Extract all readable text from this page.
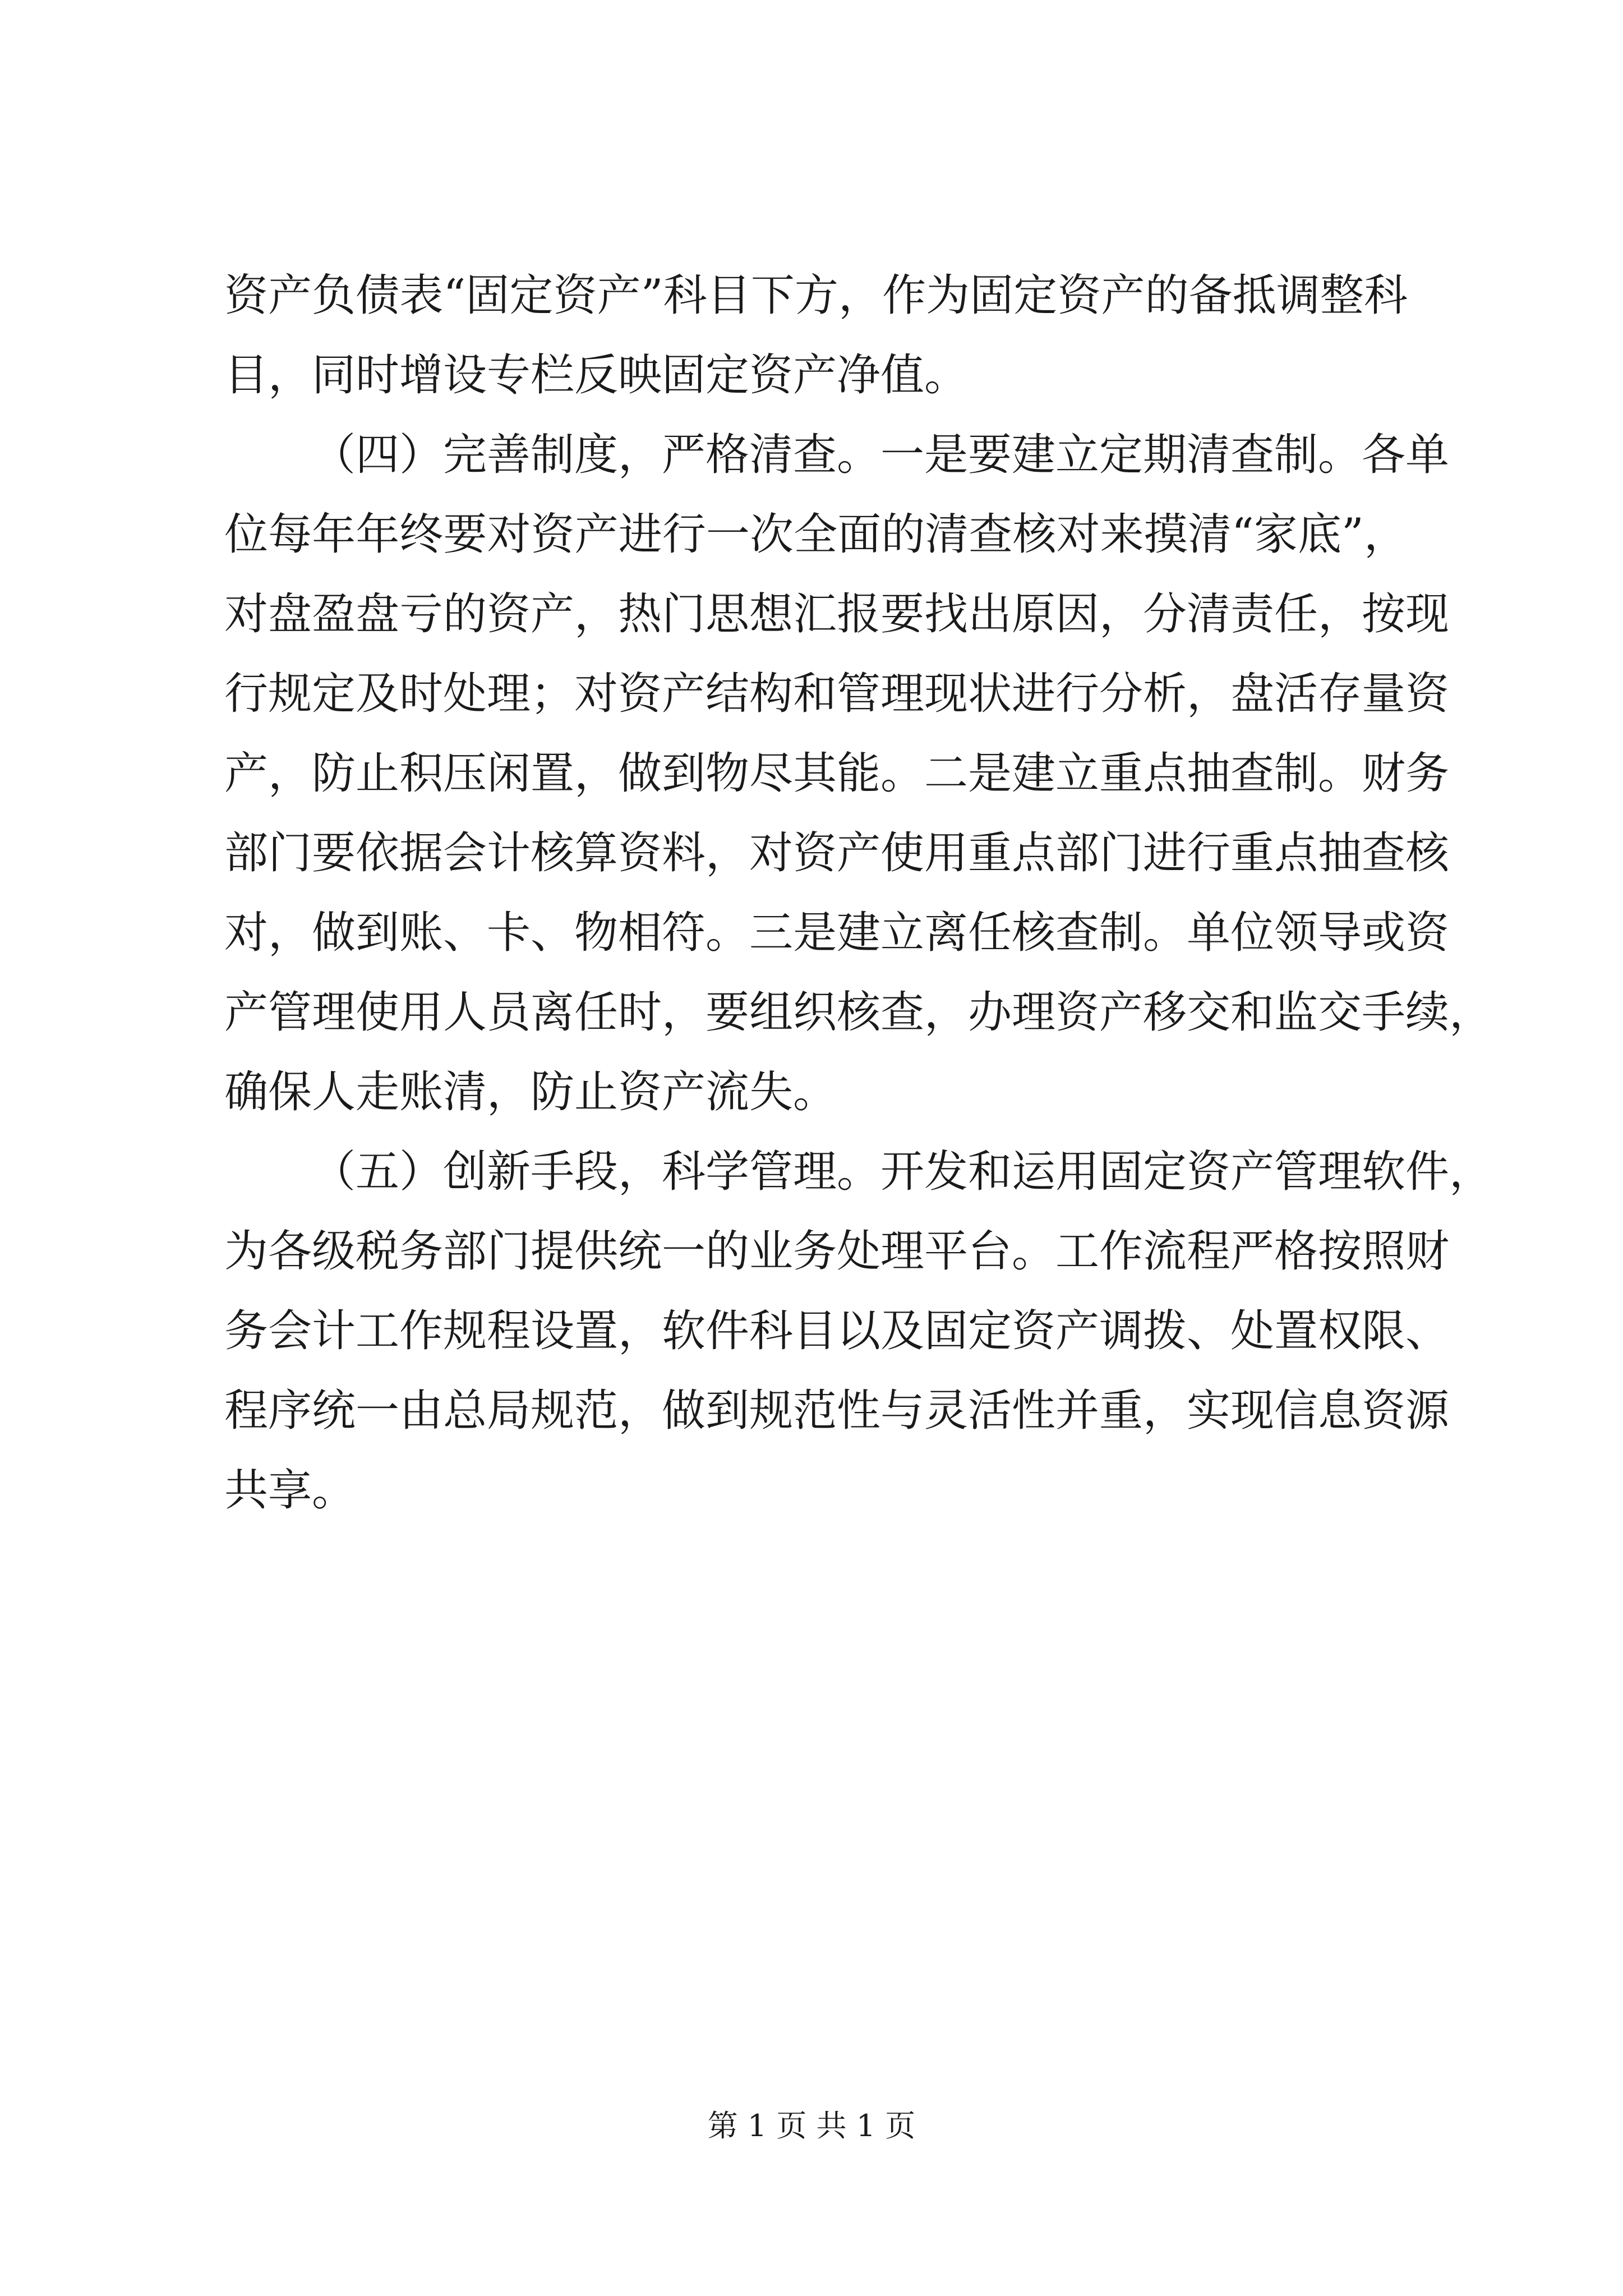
资产负债表“固定资产”科目下方，作为固定资产的备抵调整科
目，同时增设专栏反映固定资产净值。
（四）完善制度，严格清查。一是要建立定期清查制。各单
位每年年终要对资产进行一次全面的清查核对来摸清“家底”，
对盘盈盘亏的资产，热门思想汇报要找出原因，分清责任，按现
行规定及时处理；对资产结构和管理现状进行分析，盘活存量资
产，防止积压闲置，做到物尽其能。二是建立重点抽查制。财务
部门要依据会计核算资料，对资产使用重点部门进行重点抽查核
对，做到账、卡、物相符。三是建立离任核查制。单位领导或资
产管理使用人员离任时，要组织核查，办理资产移交和监交手续，
确保人走账清，防止资产流失。
（五）创新手段，科学管理。开发和运用固定资产管理软件，
为各级税务部门提供统一的业务处理平台。工作流程严格按照财
务会计工作规程设置，软件科目以及固定资产调拨、处置权限、
程序统一由总局规范，做到规范性与灵活性并重，实现信息资源
共享。
第 1 页 共 1 页
